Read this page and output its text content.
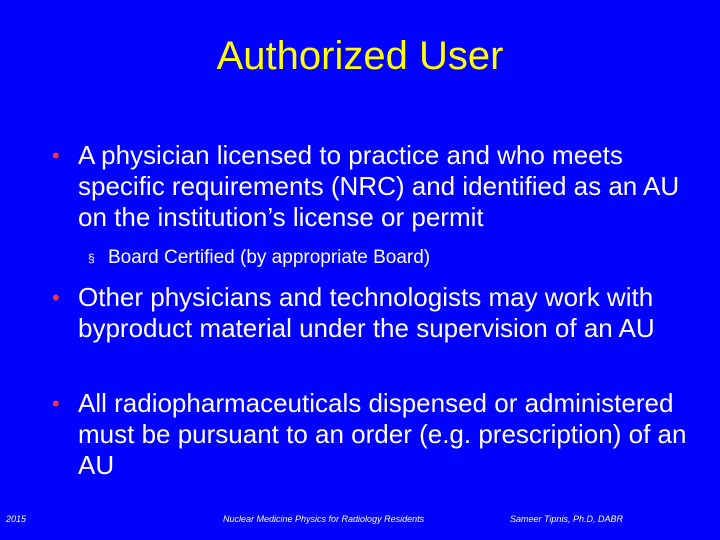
Authorized User
• A physician licensed to practice and who meets specific requirements (NRC) and identified as an AU on the institution’s license or permit
§ Board Certified (by appropriate Board)
• Other physicians and technologists may work with byproduct material under the supervision of an AU
• All radiopharmaceuticals dispensed or administered must be pursuant to an order (e.g. prescription) of an AU
2015	Nuclear Medicine Physics for Radiology Residents	Sameer Tipnis, Ph.D, DABR
